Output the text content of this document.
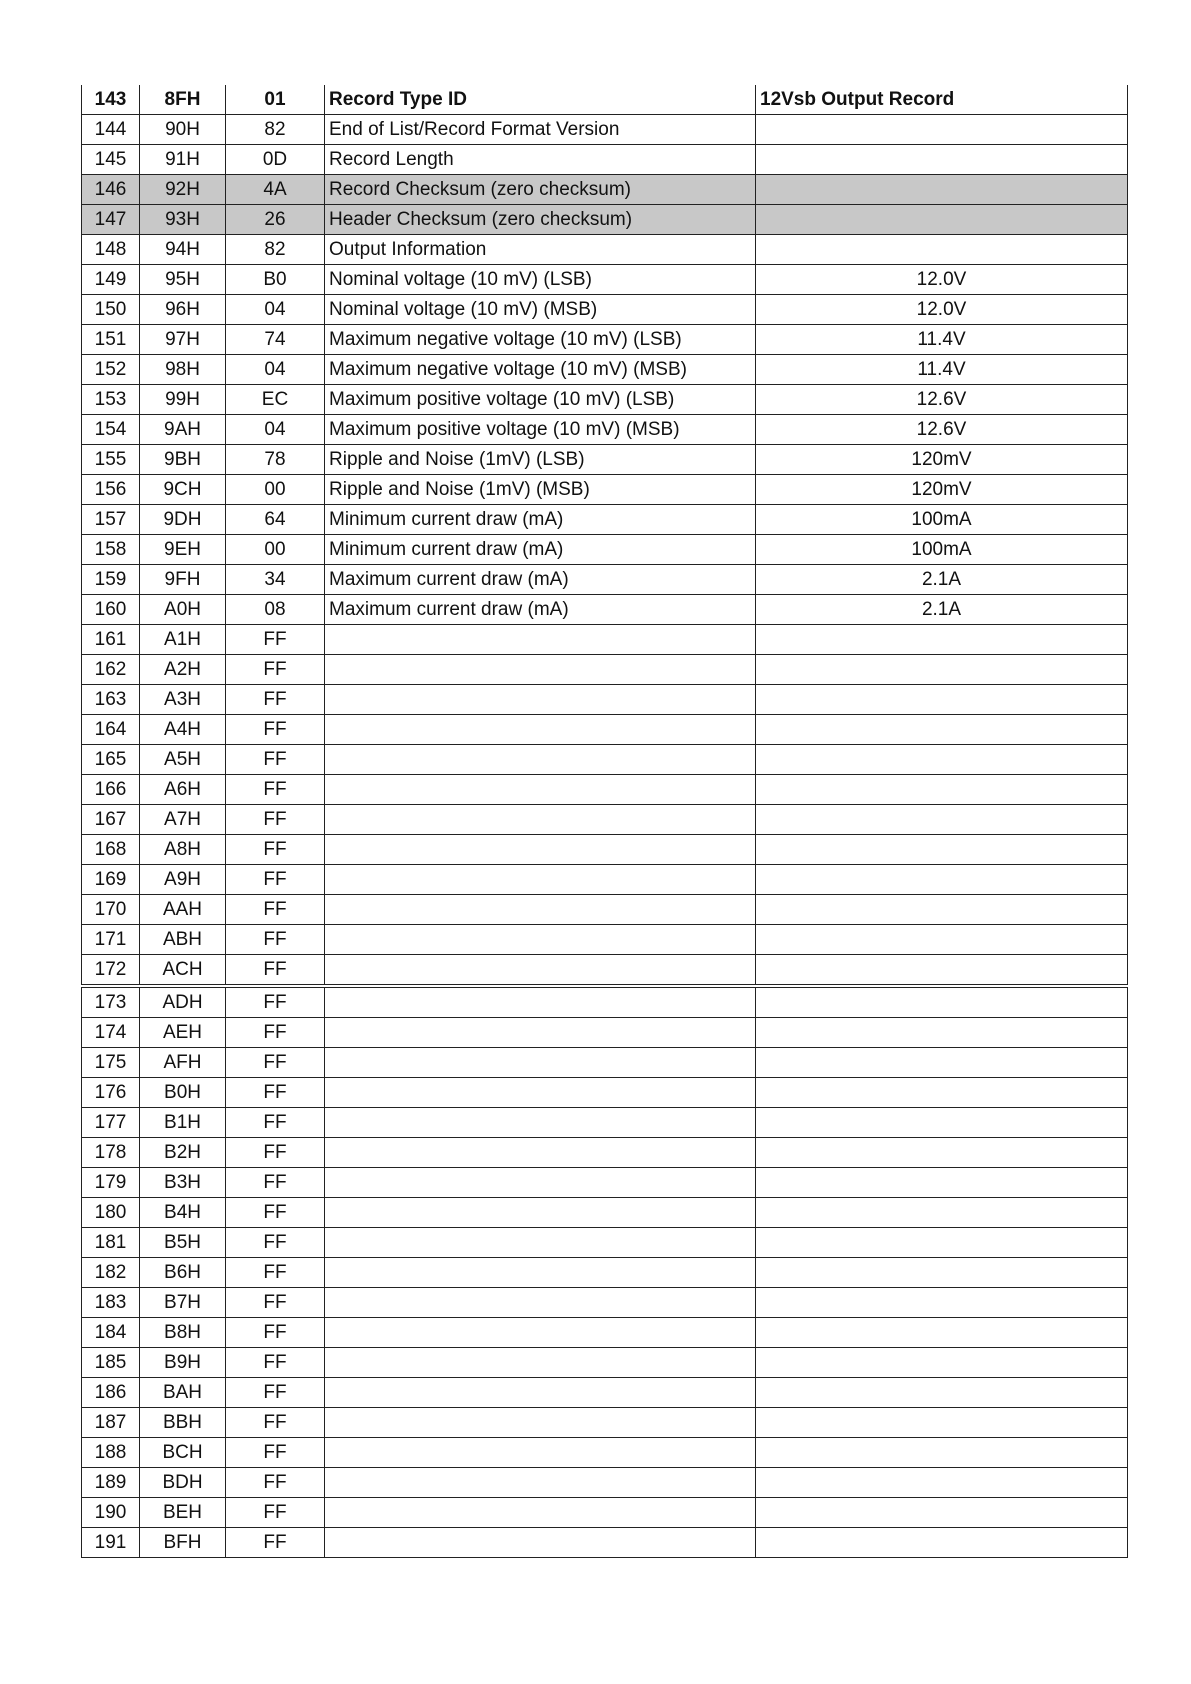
143	8FH	01	Record Type ID	12Vsb Output Record
144	90H	82	End of List/Record Format Version	
145	91H	0D	Record Length	
146	92H	4A	Record Checksum (zero checksum)	
147	93H	26	Header Checksum (zero checksum)	
148	94H	82	Output Information	
149	95H	B0	Nominal voltage (10 mV) (LSB)	12.0V
150	96H	04	Nominal voltage (10 mV) (MSB)	12.0V
151	97H	74	Maximum negative voltage (10 mV) (LSB)	11.4V
152	98H	04	Maximum negative voltage (10 mV) (MSB)	11.4V
153	99H	EC	Maximum positive voltage (10 mV) (LSB)	12.6V
154	9AH	04	Maximum positive voltage (10 mV) (MSB)	12.6V
155	9BH	78	Ripple and Noise (1mV) (LSB)	120mV
156	9CH	00	Ripple and Noise (1mV) (MSB)	120mV
157	9DH	64	Minimum current draw (mA)	100mA
158	9EH	00	Minimum current draw (mA)	100mA
159	9FH	34	Maximum current draw (mA)	2.1A
160	A0H	08	Maximum current draw (mA)	2.1A
161	A1H	FF		
162	A2H	FF		
163	A3H	FF		
164	A4H	FF		
165	A5H	FF		
166	A6H	FF		
167	A7H	FF		
168	A8H	FF		
169	A9H	FF		
170	AAH	FF		
171	ABH	FF		
172	ACH	FF		
173	ADH	FF		
174	AEH	FF		
175	AFH	FF		
176	B0H	FF		
177	B1H	FF		
178	B2H	FF		
179	B3H	FF		
180	B4H	FF		
181	B5H	FF		
182	B6H	FF		
183	B7H	FF		
184	B8H	FF		
185	B9H	FF		
186	BAH	FF		
187	BBH	FF		
188	BCH	FF		
189	BDH	FF		
190	BEH	FF		
191	BFH	FF		
